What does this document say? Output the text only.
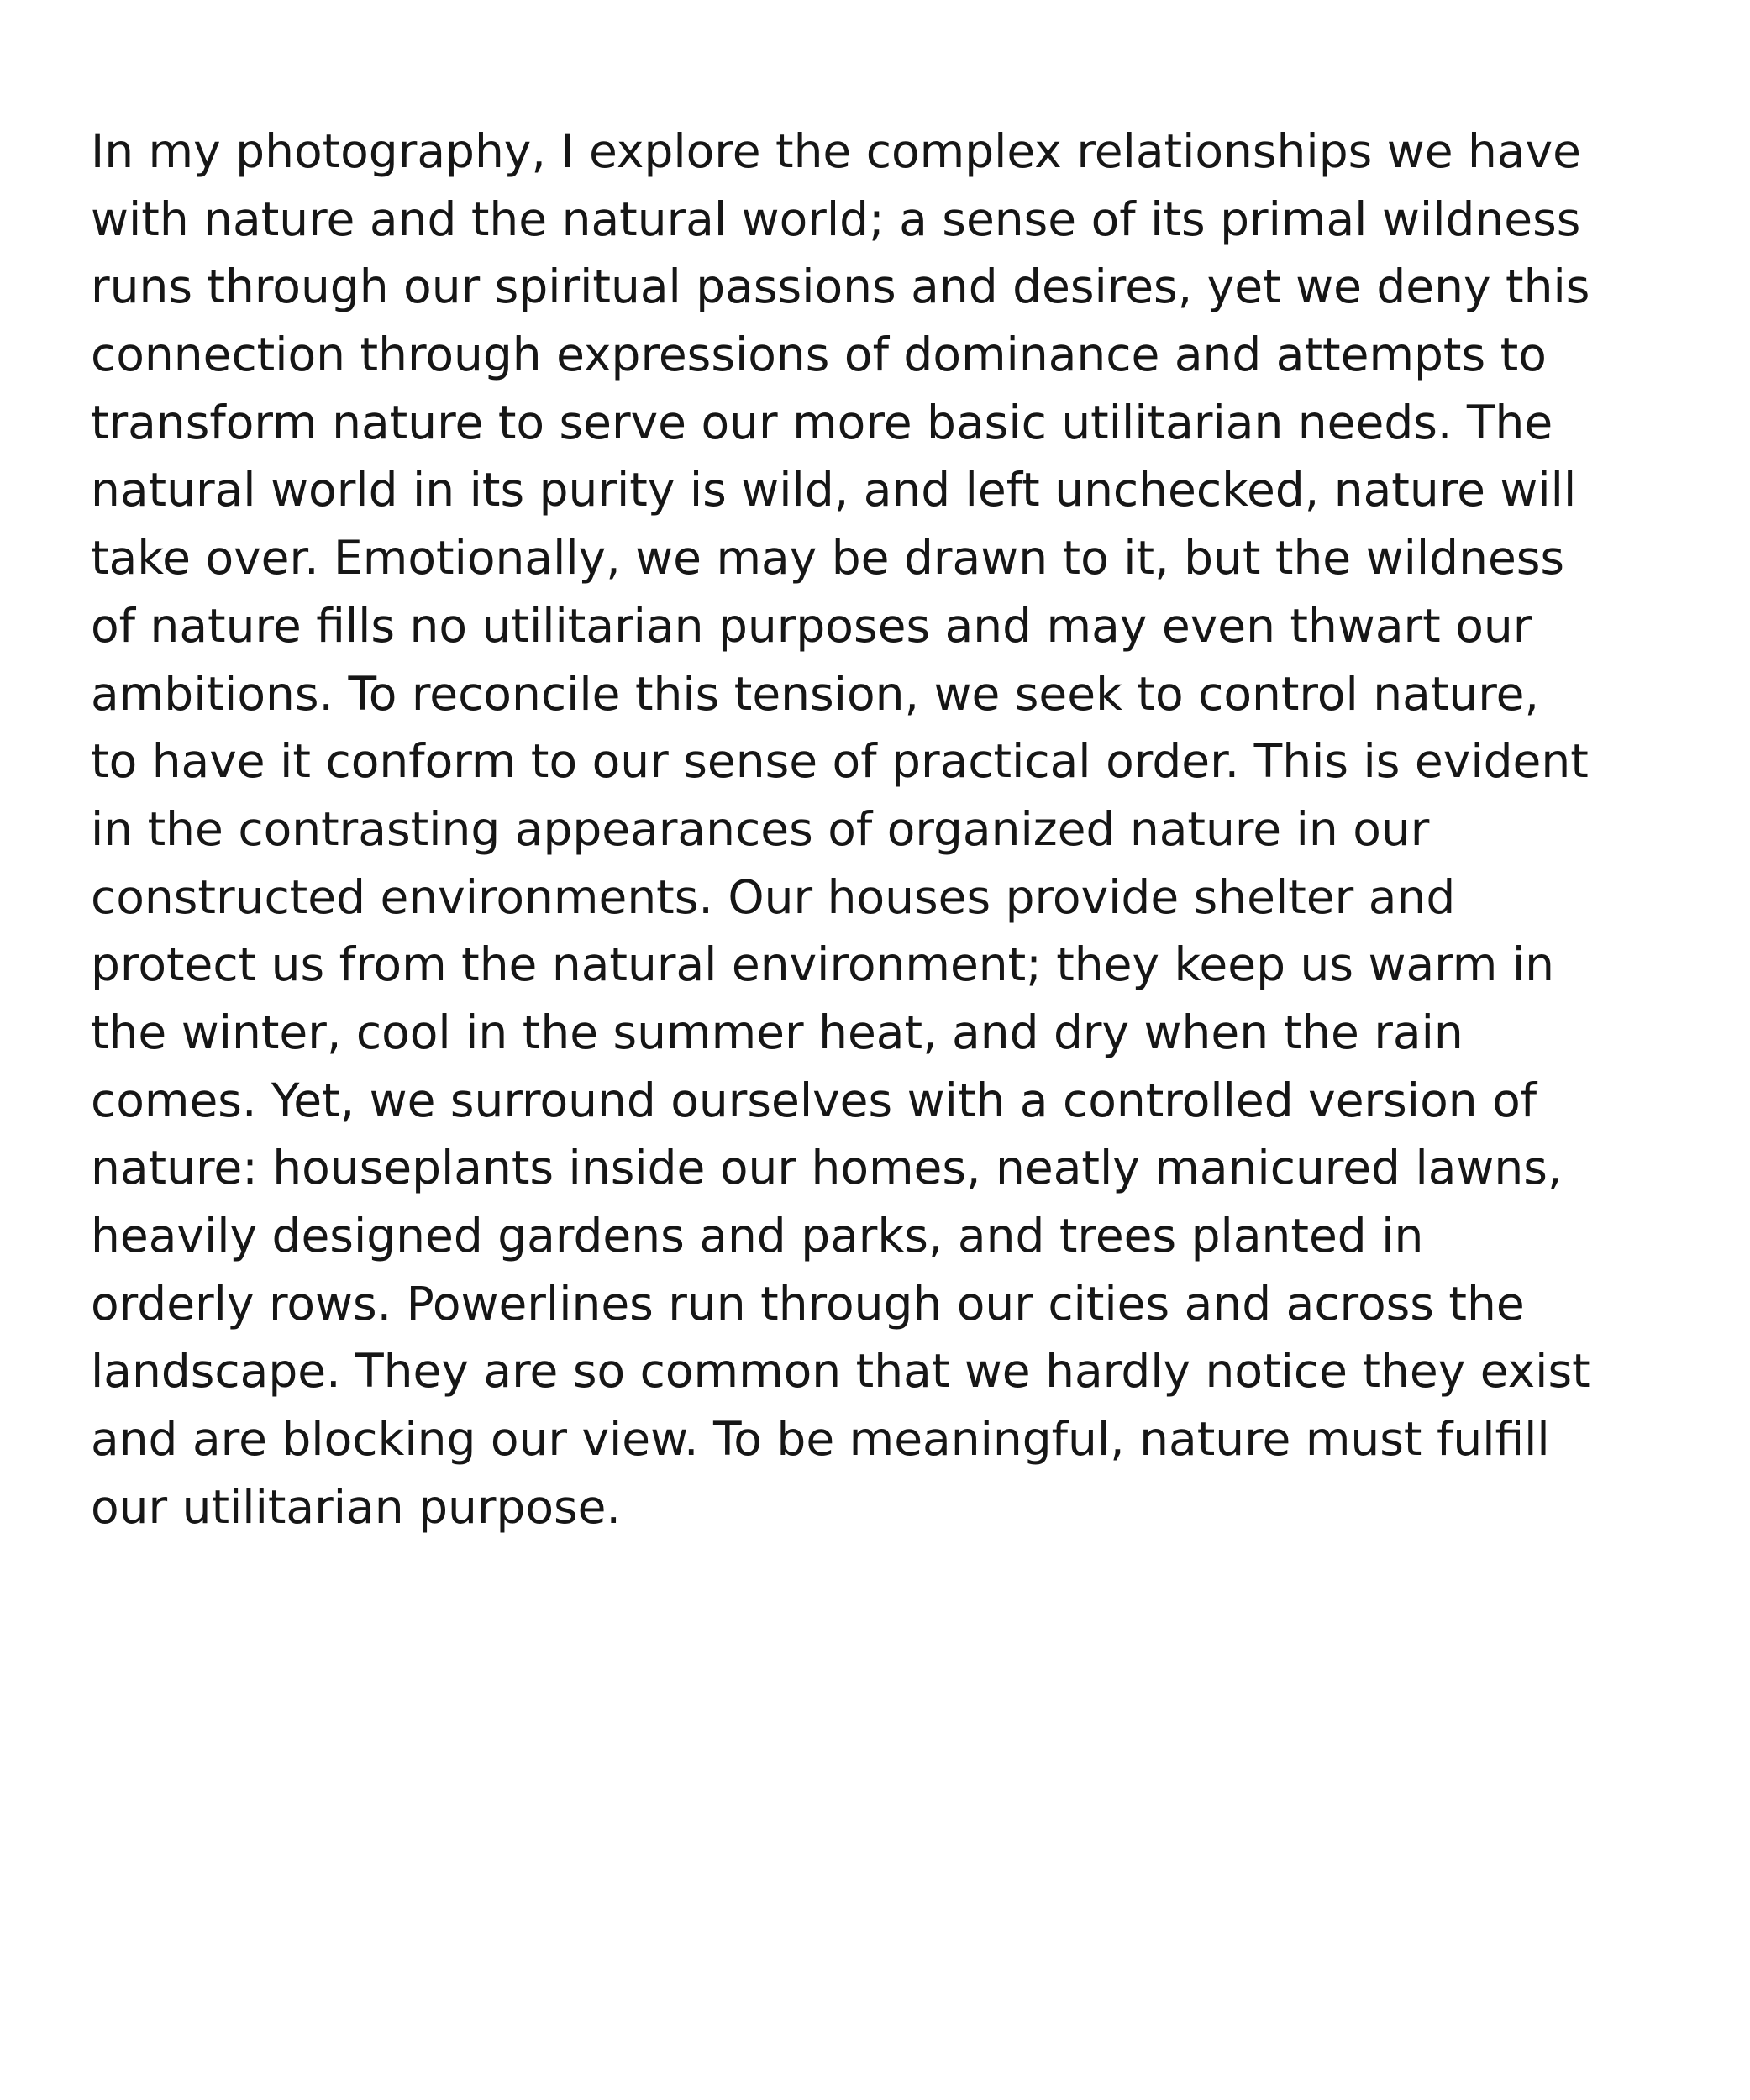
In my photography, I explore the complex relationships we have
with nature and the natural world; a sense of its primal wildness
runs through our spiritual passions and desires, yet we deny this
connection through expressions of dominance and attempts to
transform nature to serve our more basic utilitarian needs. The
natural world in its purity is wild, and left unchecked, nature will
take over. Emotionally, we may be drawn to it, but the wildness
of nature fills no utilitarian purposes and may even thwart our
ambitions. To reconcile this tension, we seek to control nature,
to have it conform to our sense of practical order. This is evident
in the contrasting appearances of organized nature in our
constructed environments. Our houses provide shelter and
protect us from the natural environment; they keep us warm in
the winter, cool in the summer heat, and dry when the rain
comes. Yet, we surround ourselves with a controlled version of
nature: houseplants inside our homes, neatly manicured lawns,
heavily designed gardens and parks, and trees planted in
orderly rows. Powerlines run through our cities and across the
landscape. They are so common that we hardly notice they exist
and are blocking our view. To be meaningful, nature must fulfill
our utilitarian purpose.
